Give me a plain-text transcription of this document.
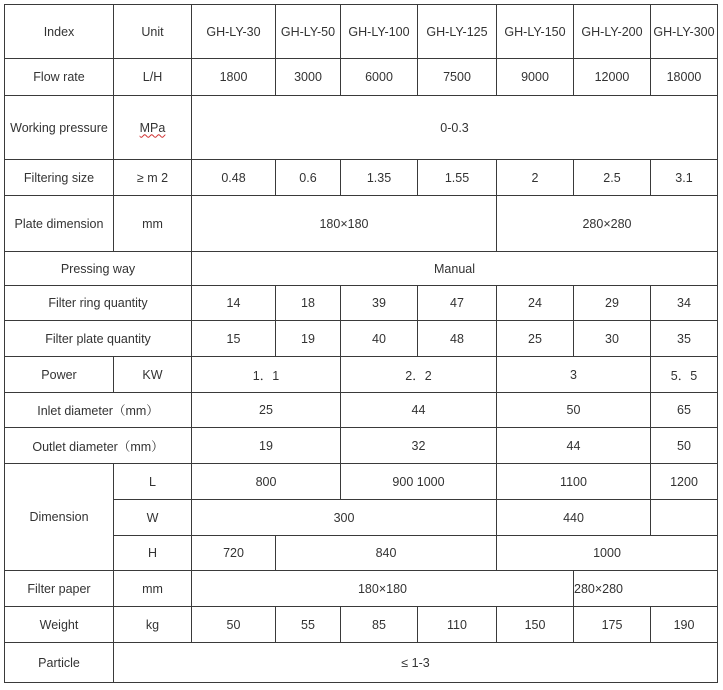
Index	Unit	GH-LY-30	GH-LY-50	GH-LY-100	GH-LY-125	GH-LY-150	GH-LY-200	GH-LY-300
Flow rate	L/H	1800	3000	6000	7500	9000	12000	18000
Working pressure	MPa	0-0.3						
Filtering size	≥ m 2	0.48	0.6	1.35	1.55	2	2.5	3.1
Plate dimension	mm	180×180				280×280		
Pressing way		Manual						
Filter ring quantity		14	18	39	47	24	29	34
Filter plate quantity		15	19	40	48	25	30	35
Power	KW	1．1		2．2		3		5．5
Inlet diameter（mm）		25		44		50		65
Outlet diameter（mm）		19		32		44		50
Dimension	L	800		900 1000		1100		1200
	W	300				440		
	H	720	840			1000		
Filter paper	mm	180×180					280×280	
Weight	kg	50	55	85	110	150	175	190
Particle	≤ 1-3							
